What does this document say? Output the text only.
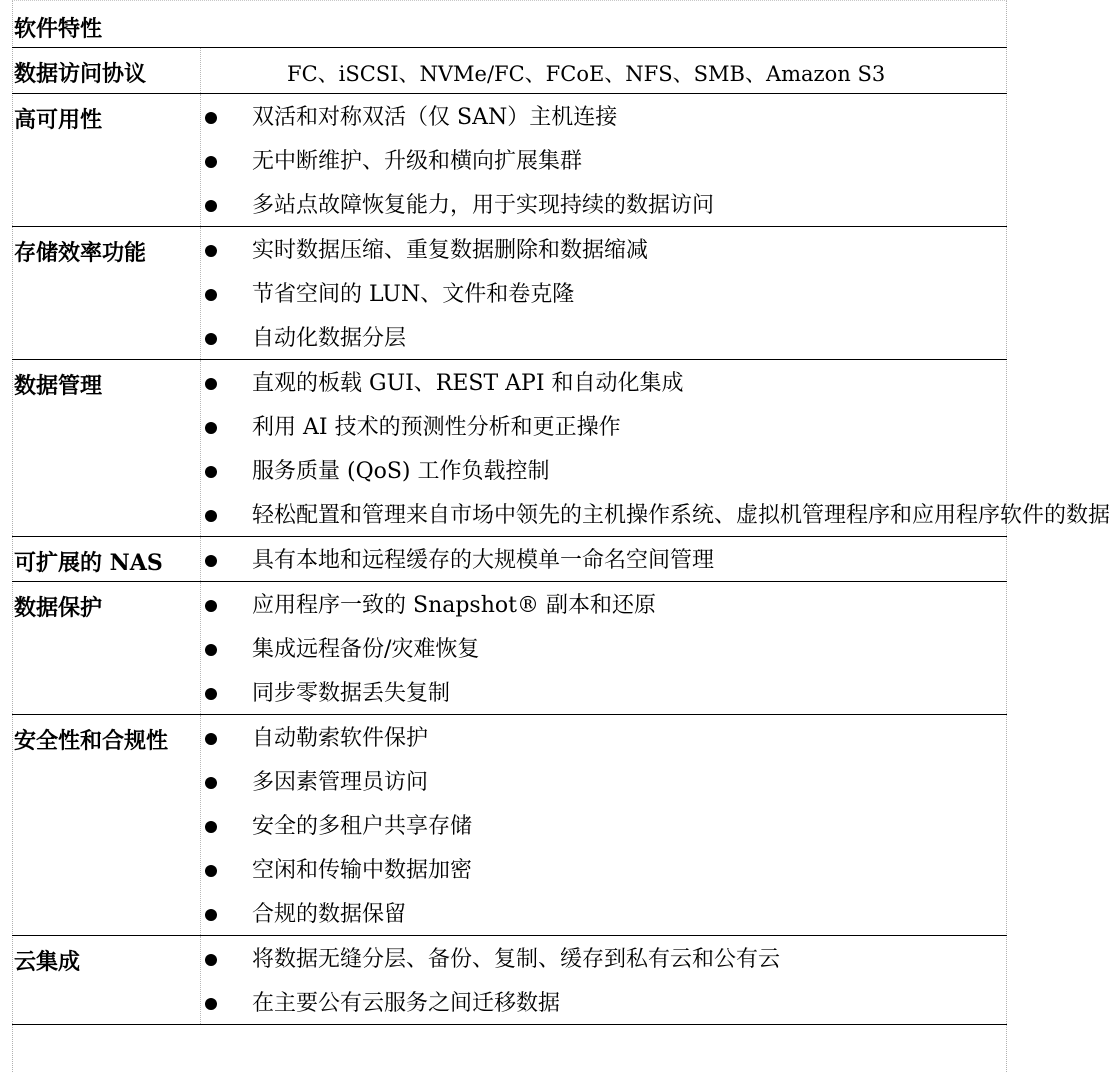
软件特性
数据访问协议	FC、iSCSI、NVMe/FC、FCoE、NFS、SMB、Amazon S3
高可用性	双活和对称双活（仅 SAN）主机连接
无中断维护、升级和横向扩展集群
多站点故障恢复能力，用于实现持续的数据访问
存储效率功能	实时数据压缩、重复数据删除和数据缩减
节省空间的 LUN、文件和卷克隆
自动化数据分层
数据管理	直观的板载 GUI、REST API 和自动化集成
利用 AI 技术的预测性分析和更正操作
服务质量 (QoS) 工作负载控制
轻松配置和管理来自市场中领先的主机操作系统、虚拟机管理程序和应用程序软件的数据
可扩展的 NAS	具有本地和远程缓存的大规模单一命名空间管理
数据保护	应用程序一致的 Snapshot® 副本和还原
集成远程备份/灾难恢复
同步零数据丢失复制
安全性和合规性	自动勒索软件保护
多因素管理员访问
安全的多租户共享存储
空闲和传输中数据加密
合规的数据保留
云集成	将数据无缝分层、备份、复制、缓存到私有云和公有云
在主要公有云服务之间迁移数据
